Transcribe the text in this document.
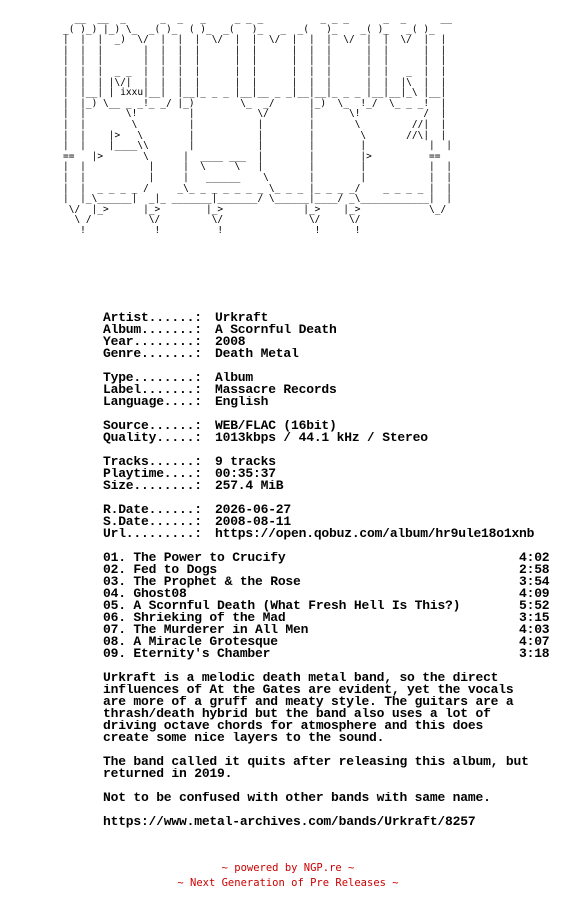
__  __  _      _  _   _     _ _ _          _ _ _      _  _      __
_( )_) |_) \_  _( )_  ( )_  _(   )_   _  _(   )_    _( )_   _( )_
|  |  |  _)  \/  |  |  |  \/  |  |  \/  |  |  |  \/  |  |  \/  |  |
|  |  |       |  |  |  |      |  |      |  |  |      |  |      |  |
|  |  |       |  |  |  |      |  |      |  |  |      |  |      |  |
|  |  |  _ _  |  |  |  |      |  |      |  |  |      |  |   _  |  |
|  |  | |\/|  |  |  |  |      |  |      |  |  |      |  |  |\  |  |
|  |__| | ixxu|__|  |__|_ _ _ |__|__ _ _|__|__|_ _ _ |__|__|_\ |__|
|  |_) \__ _ _!_ _/ |_)        \_  _/      |_)  \_  !_/  \_ _ _!  |
|  |       \!         |           \/       |      \!           /  |
|  |        \         |           |        |       \         //|  |
|  |    |>   \        |           |        |        \       //\|  |
|  |    |____\\       |           |        |        |           |  |
==   |>       \      |  ____ ___  |        |        |>          ==
|  |           |     |  \     \   |        |        |           |  |
|  |           |     |   ______    \       |        |           |  |
|  |  _ _ _ _ /     _\_ _ _ _ _ _ _ \_ _ _ |_ _ _ _/    _ _ _ _ |  |
|  |_\______|  _|_ _______|_______/ \______|____/ _\____________|  |
\/  |_>      |_>        |_>              |_>    |_>            \_/
\ /          \/         \/               \/     \/
!            !          !                !      !
Artist......: Urkraft
Album.......: A Scornful Death
Year........: 2008
Genre.......: Death Metal
Type........: Album
Label.......: Massacre Records
Language....: English
Source......: WEB/FLAC (16bit)
Quality.....: 1013kbps / 44.1 kHz / Stereo
Tracks......: 9 tracks
Playtime....: 00:35:37
Size........: 257.4 MiB
R.Date......: 2026-06-27
S.Date......: 2008-08-11
Url.........: https://open.qobuz.com/album/hr9ule18o1xnb
01. The Power to Crucify	4:02
02. Fed to Dogs	2:58
03. The Prophet & the Rose	3:54
04. Ghost08	4:09
05. A Scornful Death (What Fresh Hell Is This?)	5:52
06. Shrieking of the Mad	3:15
07. The Murderer in All Men	4:03
08. A Miracle Grotesque	4:07
09. Eternity's Chamber	3:18
Urkraft is a melodic death metal band, so the direct
influences of At the Gates are evident, yet the vocals
are more of a gruff and meaty style. The guitars are a
thrash/death hybrid but the band also uses a lot of
driving octave chords for atmosphere and this does
create some nice layers to the sound.
The band called it quits after releasing this album, but
returned in 2019.
Not to be confused with other bands with same name.
https://www.metal-archives.com/bands/Urkraft/8257
~ powered by NGP.re ~
~ Next Generation of Pre Releases ~
